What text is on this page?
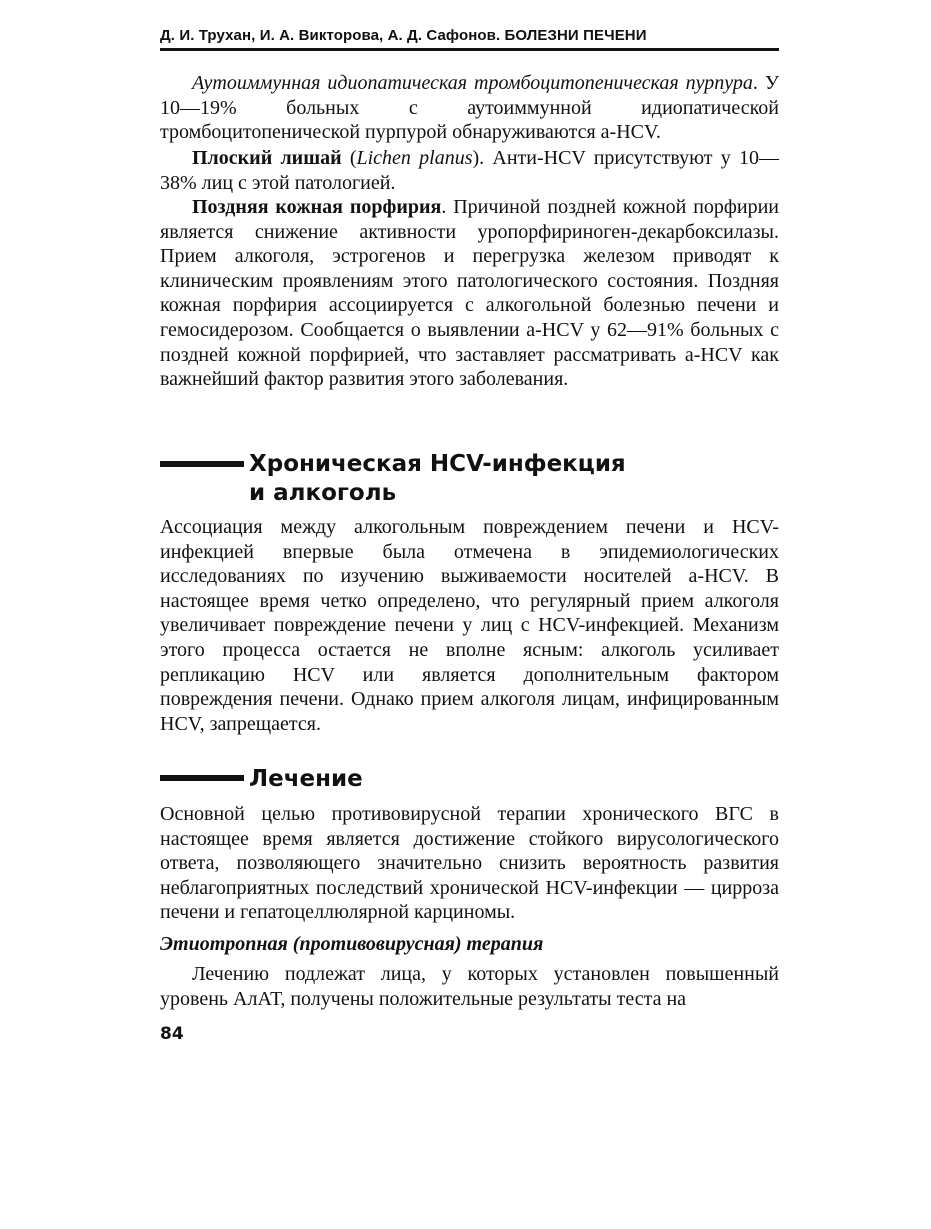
Д. И. Трухан, И. А. Викторова, А. Д. Сафонов. БОЛЕЗНИ ПЕЧЕНИ

Аутоиммунная идиопатическая тромбоцитопеническая пурпура. У 10—19% больных с аутоиммунной идиопатической тромбоцитопенической пурпурой обнаруживаются a-HCV.

Плоский лишай (Lichen planus). Анти-HCV присутствуют у 10—38% лиц с этой патологией.

Поздняя кожная порфирия. Причиной поздней кожной порфирии является снижение активности уропорфириноген-декарбоксилазы. Прием алкоголя, эстрогенов и перегрузка железом приводят к клиническим проявлениям этого патологического состояния. Поздняя кожная порфирия ассоциируется с алкогольной болезнью печени и гемосидерозом. Сообщается о выявлении a-HCV у 62—91% больных с поздней кожной порфирией, что заставляет рассматривать a-HCV как важнейший фактор развития этого заболевания.

Хроническая HCV-инфекция
и алкоголь

Ассоциация между алкогольным повреждением печени и HCV-инфекцией впервые была отмечена в эпидемиологических исследованиях по изучению выживаемости носителей a-HCV. В настоящее время четко определено, что регулярный прием алкоголя увеличивает повреждение печени у лиц с HCV-инфекцией. Механизм этого процесса остается не вполне ясным: алкоголь усиливает репликацию HCV или является дополнительным фактором повреждения печени. Однако прием алкоголя лицам, инфицированным HCV, запрещается.

Лечение

Основной целью противовирусной терапии хронического ВГС в настоящее время является достижение стойкого вирусологического ответа, позволяющего значительно снизить вероятность развития неблагоприятных последствий хронической HCV-инфекции — цирроза печени и гепатоцеллюлярной карциномы.

Этиотропная (противовирусная) терапия

Лечению подлежат лица, у которых установлен повышенный уровень АлАТ, получены положительные результаты теста на

84
